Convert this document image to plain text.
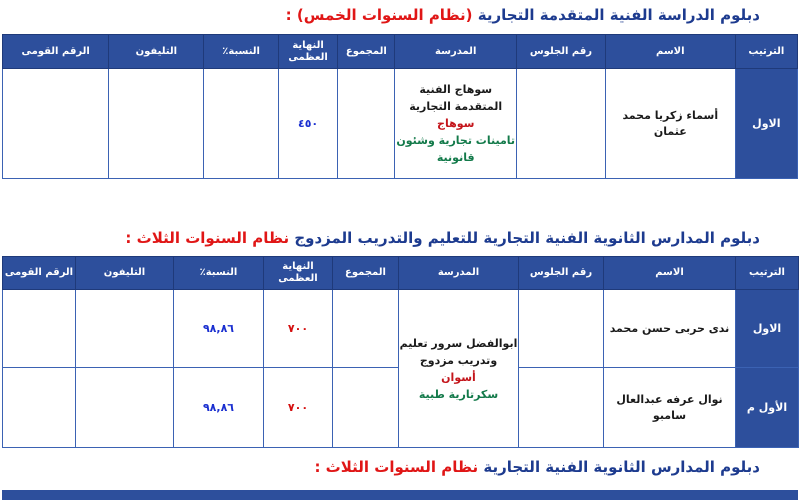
دبلوم الدراسة الفنية المتقدمة التجارية (نظام السنوات الخمس) :
الترتيب	الاسم	رقم الجلوس	المدرسة	المجموع	النهاية العظمى	النسبة٪	التليفون	الرقم القومى
الاول	أسماء زكريا محمد عثمان		سوهاج الفنية المتقدمة التجارية
سوهاج
تامينات تجارية وشئون قانونية		٤٥٠			
دبلوم المدارس الثانوية الفنية التجارية للتعليم والتدريب المزدوج نظام السنوات الثلاث :
الترتيب	الاسم	رقم الجلوس	المدرسة	المجموع	النهاية العظمى	النسبة٪	التليفون	الرقم القومى
الاول	ندى حربى حسن محمد		ابوالفضل سرور تعليم وتدريب مزدوج
أسوان
سكرتارية طبية		٧٠٠	٩٨,٨٦		
الأول م	نوال عرفه عبدالعال سامبو				٧٠٠	٩٨,٨٦		
دبلوم المدارس الثانوية الفنية التجارية نظام السنوات الثلاث :
